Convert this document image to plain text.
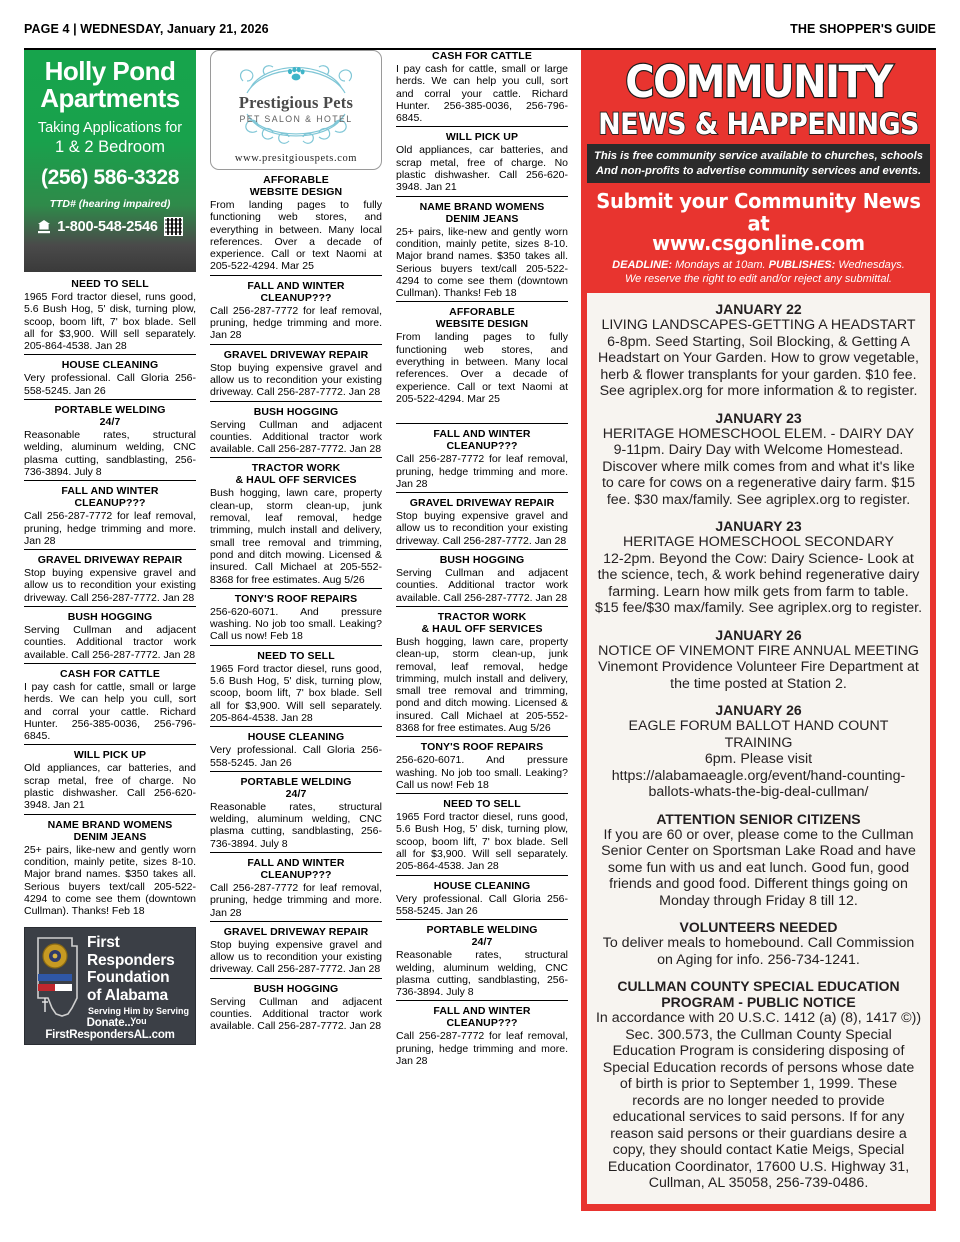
PAGE 4 | WEDNESDAY, January 21, 2026	THE SHOPPER'S GUIDE
Holly Pond
Apartments
Taking Applications for
1 & 2 Bedroom
(256) 586-3328
TTD# (hearing impaired)
1-800-548-2546
NEED TO SELL
1965 Ford tractor diesel, runs good, 5.6 Bush Hog, 5' disk, turning plow, scoop, boom lift, 7' box blade. Sell all for $3,900. Will sell separately. 205-864-4538. Jan 28
HOUSE CLEANING
Very professional. Call Gloria 256-558-5245. Jan 26
PORTABLE WELDING
24/7
Reasonable rates, structural welding, aluminum welding, CNC plasma cutting, sandblasting, 256-736-3894. July 8
FALL AND WINTER
CLEANUP???
Call 256-287-7772 for leaf removal, pruning, hedge trimming and more. Jan 28
GRAVEL DRIVEWAY REPAIR
Stop buying expensive gravel and allow us to recondition your existing driveway. Call 256-287-7772. Jan 28
BUSH HOGGING
Serving Cullman and adjacent counties. Additional tractor work available. Call 256-287-7772. Jan 28
CASH FOR CATTLE
I pay cash for cattle, small or large herds. We can help you cull, sort and corral your cattle. Richard Hunter. 256-385-0036, 256-796-6845.
WILL PICK UP
Old appliances, car batteries, and scrap metal, free of charge. No plastic dishwasher. Call 256-620-3948. Jan 21
NAME BRAND WOMENS
DENIM JEANS
25+ pairs, like-new and gently worn condition, mainly petite, sizes 8-10. Major brand names. $350 takes all. Serious buyers text/call 205-522-4294 to come see them (downtown Cullman). Thanks! Feb 18
First
Responders
Foundation
of Alabama
Serving Him by Serving You
Donate... FirstRespondersAL.com
Prestigious Pets
PET SALON & HOTEL
www.presitgiouspets.com
AFFORABLE
WEBSITE DESIGN
From landing pages to fully functioning web stores, and everything in between. Many local references. Over a decade of experience. Call or text Naomi at 205-522-4294. Mar 25
FALL AND WINTER
CLEANUP???
Call 256-287-7772 for leaf removal, pruning, hedge trimming and more. Jan 28
GRAVEL DRIVEWAY REPAIR
Stop buying expensive gravel and allow us to recondition your existing driveway. Call 256-287-7772. Jan 28
BUSH HOGGING
Serving Cullman and adjacent counties. Additional tractor work available. Call 256-287-7772. Jan 28
TRACTOR WORK
& HAUL OFF SERVICES
Bush hogging, lawn care, property clean-up, storm clean-up, junk removal, leaf removal, hedge trimming, mulch install and delivery, small tree removal and trimming, pond and ditch mowing. Licensed & insured. Call Michael at 205-552-8368 for free estimates. Aug 5/26
TONY'S ROOF REPAIRS
256-620-6071. And pressure washing. No job too small. Leaking? Call us now! Feb 18
NEED TO SELL
1965 Ford tractor diesel, runs good, 5.6 Bush Hog, 5' disk, turning plow, scoop, boom lift, 7' box blade. Sell all for $3,900. Will sell separately. 205-864-4538. Jan 28
HOUSE CLEANING
Very professional. Call Gloria 256-558-5245. Jan 26
PORTABLE WELDING
24/7
Reasonable rates, structural welding, aluminum welding, CNC plasma cutting, sandblasting, 256-736-3894. July 8
FALL AND WINTER
CLEANUP???
Call 256-287-7772 for leaf removal, pruning, hedge trimming and more. Jan 28
GRAVEL DRIVEWAY REPAIR
Stop buying expensive gravel and allow us to recondition your existing driveway. Call 256-287-7772. Jan 28
BUSH HOGGING
Serving Cullman and adjacent counties. Additional tractor work available. Call 256-287-7772. Jan 28
CASH FOR CATTLE
I pay cash for cattle, small or large herds. We can help you cull, sort and corral your cattle. Richard Hunter. 256-385-0036, 256-796-6845.
WILL PICK UP
Old appliances, car batteries, and scrap metal, free of charge. No plastic dishwasher. Call 256-620-3948. Jan 21
NAME BRAND WOMENS
DENIM JEANS
25+ pairs, like-new and gently worn condition, mainly petite, sizes 8-10. Major brand names. $350 takes all. Serious buyers text/call 205-522-4294 to come see them (downtown Cullman). Thanks! Feb 18
AFFORABLE
WEBSITE DESIGN
From landing pages to fully functioning web stores, and everything in between. Many local references. Over a decade of experience. Call or text Naomi at 205-522-4294. Mar 25
FALL AND WINTER
CLEANUP???
Call 256-287-7772 for leaf removal, pruning, hedge trimming and more. Jan 28
GRAVEL DRIVEWAY REPAIR
Stop buying expensive gravel and allow us to recondition your existing driveway. Call 256-287-7772. Jan 28
BUSH HOGGING
Serving Cullman and adjacent counties. Additional tractor work available. Call 256-287-7772. Jan 28
TRACTOR WORK
& HAUL OFF SERVICES
Bush hogging, lawn care, property clean-up, storm clean-up, junk removal, leaf removal, hedge trimming, mulch install and delivery, small tree removal and trimming, pond and ditch mowing. Licensed & insured. Call Michael at 205-552-8368 for free estimates. Aug 5/26
TONY'S ROOF REPAIRS
256-620-6071. And pressure washing. No job too small. Leaking? Call us now! Feb 18
NEED TO SELL
1965 Ford tractor diesel, runs good, 5.6 Bush Hog, 5' disk, turning plow, scoop, boom lift, 7' box blade. Sell all for $3,900. Will sell separately. 205-864-4538. Jan 28
HOUSE CLEANING
Very professional. Call Gloria 256-558-5245. Jan 26
PORTABLE WELDING
24/7
Reasonable rates, structural welding, aluminum welding, CNC plasma cutting, sandblasting, 256-736-3894. July 8
FALL AND WINTER
CLEANUP???
Call 256-287-7772 for leaf removal, pruning, hedge trimming and more. Jan 28
COMMUNITY
NEWS & HAPPENINGS
This is free community service available to churches, schools
And non-profits to advertise community services and events.
Submit your Community News at
www.csgonline.com
DEADLINE: Mondays at 10am. PUBLISHES: Wednesdays.
We reserve the right to edit and/or reject any submittal.
JANUARY 22
LIVING LANDSCAPES-GETTING A HEADSTART
6-8pm. Seed Starting, Soil Blocking, & Getting A Headstart on Your Garden. How to grow vegetable, herb & flower transplants for your garden. $10 fee. See agriplex.org for more information & to register.
JANUARY 23
HERITAGE HOMESCHOOL ELEM. - DAIRY DAY
9-11pm. Dairy Day with Welcome Homestead. Discover where milk comes from and what it's like to care for cows on a regenerative dairy farm. $15 fee. $30 max/family. See agriplex.org to register.
JANUARY 23
HERITAGE HOMESCHOOL SECONDARY
12-2pm. Beyond the Cow: Dairy Science- Look at the science, tech, & work behind regenerative dairy farming. Learn how milk gets from farm to table. $15 fee/$30 max/family. See agriplex.org to register.
JANUARY 26
NOTICE OF VINEMONT FIRE ANNUAL MEETING
Vinemont Providence Volunteer Fire Department at the time posted at Station 2.
JANUARY 26
EAGLE FORUM BALLOT HAND COUNT TRAINING
6pm. Please visit https://alabamaeagle.org/event/hand-counting-ballots-whats-the-big-deal-cullman/
ATTENTION SENIOR CITIZENS
If you are 60 or over, please come to the Cullman Senior Center on Sportsman Lake Road and have some fun with us and eat lunch. Good fun, good friends and good food. Different things going on Monday through Friday 8 till 12.
VOLUNTEERS NEEDED
To deliver meals to homebound. Call Commission on Aging for info. 256-734-1241.
CULLMAN COUNTY SPECIAL EDUCATION PROGRAM - PUBLIC NOTICE
In accordance with 20 U.S.C. 1412 (a) (8), 1417 ©)) Sec. 300.573, the Cullman County Special Education Program is considering disposing of Special Education records of persons whose date of birth is prior to September 1, 1999. These records are no longer needed to provide educational services to said persons. If for any reason said persons or their guardians desire a copy, they should contact Katie Meigs, Special Education Coordinator, 17600 U.S. Highway 31, Cullman, AL 35058, 256-739-0486.
